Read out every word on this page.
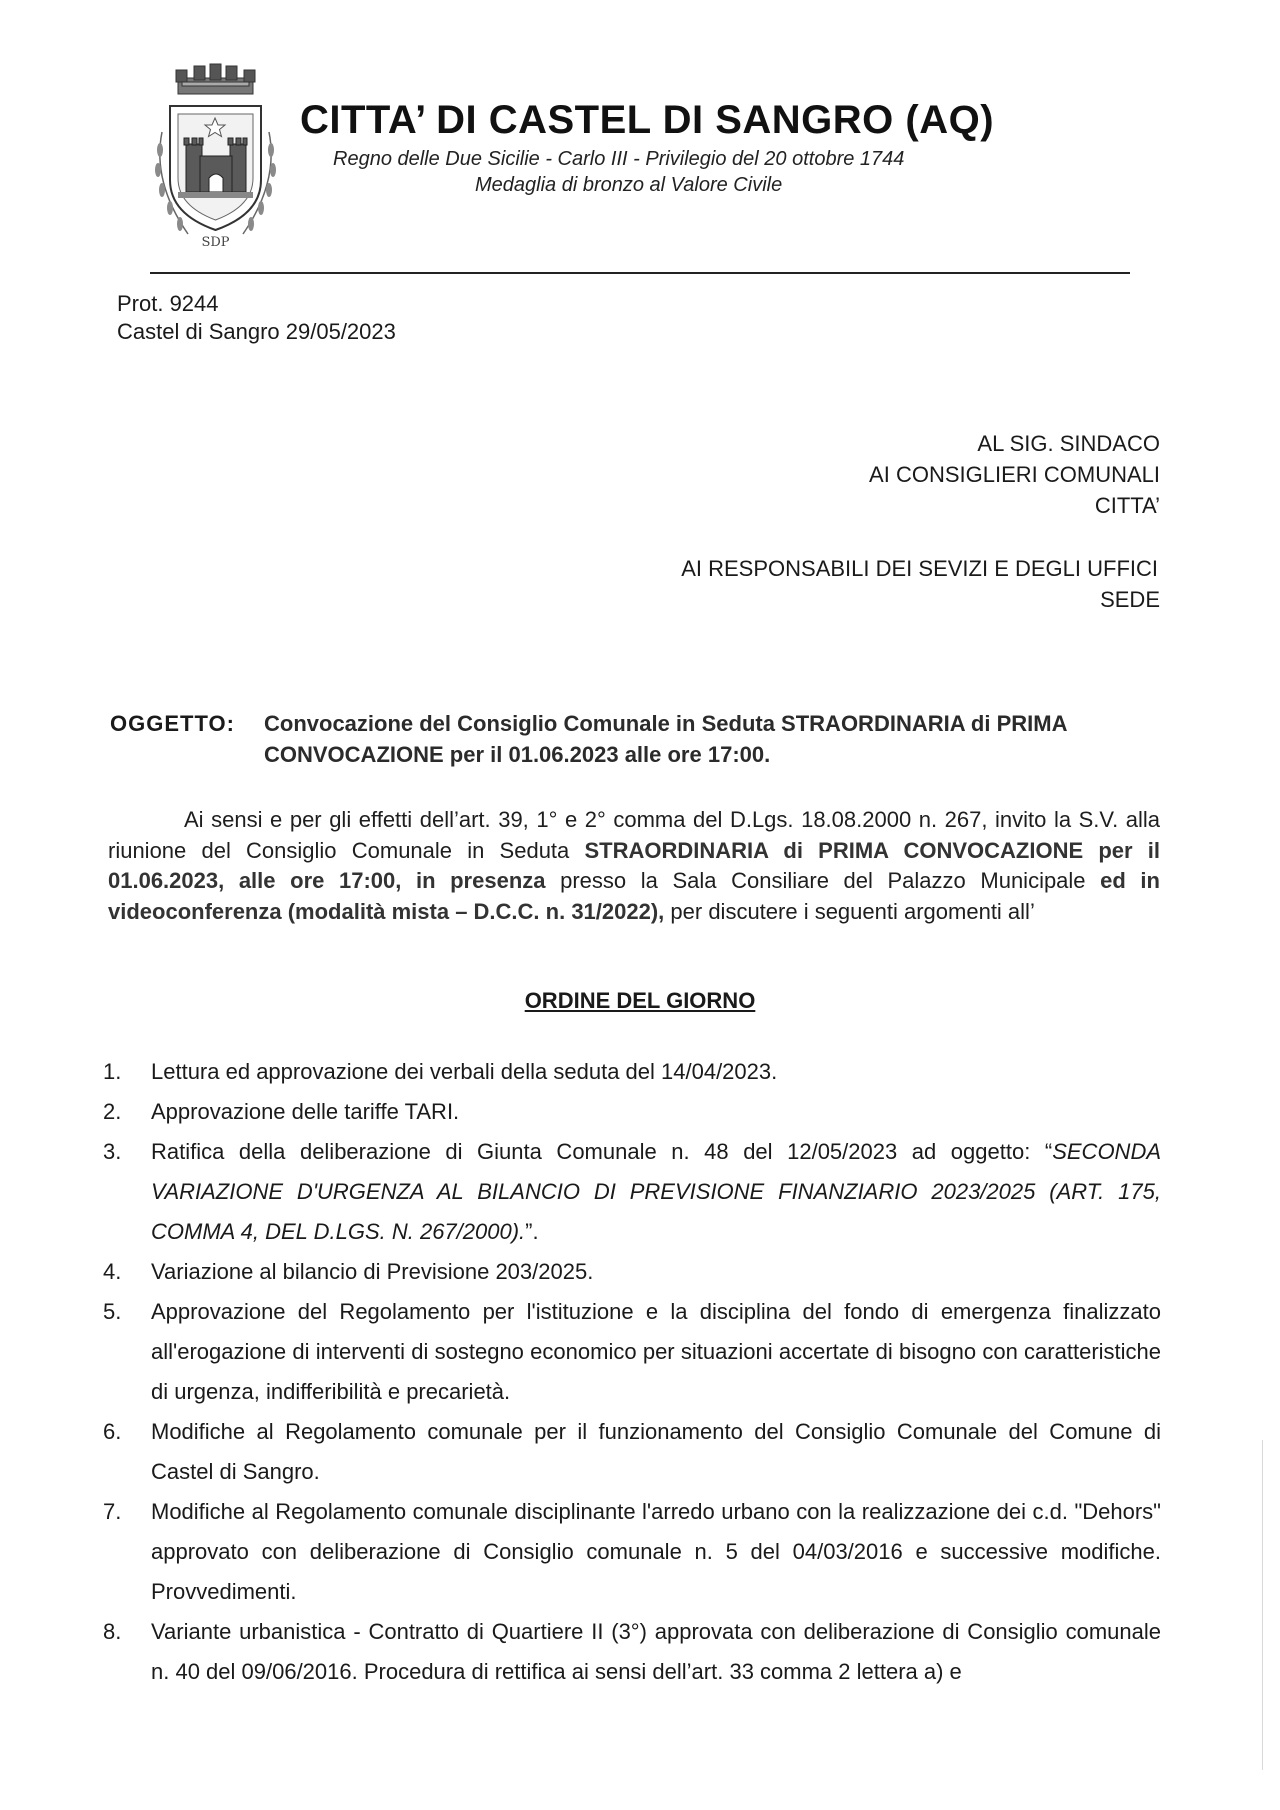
SDP
CITTA’ DI CASTEL DI SANGRO (AQ)
Regno delle Due Sicilie - Carlo III - Privilegio del 20 ottobre 1744
Medaglia di bronzo al Valore Civile
Prot. 9244
Castel di Sangro 29/05/2023
AL SIG. SINDACO
AI CONSIGLIERI COMUNALI
CITTA’
AI RESPONSABILI DEI SEVIZI E DEGLI UFFICI
SEDE
OGGETTO: Convocazione del Consiglio Comunale in Seduta STRAORDINARIA di PRIMA CONVOCAZIONE per il 01.06.2023 alle ore 17:00.
Ai sensi e per gli effetti dell’art. 39, 1° e 2° comma del D.Lgs. 18.08.2000 n. 267, invito la S.V. alla riunione del Consiglio Comunale in Seduta STRAORDINARIA di PRIMA CONVOCAZIONE per il 01.06.2023, alle ore 17:00, in presenza presso la Sala Consiliare del Palazzo Municipale ed in videoconferenza (modalità mista – D.C.C. n. 31/2022), per discutere i seguenti argomenti all’
ORDINE DEL GIORNO
1. Lettura ed approvazione dei verbali della seduta del 14/04/2023.
2. Approvazione delle tariffe TARI.
3. Ratifica della deliberazione di Giunta Comunale n. 48 del 12/05/2023 ad oggetto: “SECONDA VARIAZIONE D'URGENZA AL BILANCIO DI PREVISIONE FINANZIARIO 2023/2025 (ART. 175, COMMA 4, DEL D.LGS. N. 267/2000).”.
4. Variazione al bilancio di Previsione 203/2025.
5. Approvazione del Regolamento per l'istituzione e la disciplina del fondo di emergenza finalizzato all'erogazione di interventi di sostegno economico per situazioni accertate di bisogno con caratteristiche di urgenza, indifferibilità e precarietà.
6. Modifiche al Regolamento comunale per il funzionamento del Consiglio Comunale del Comune di Castel di Sangro.
7. Modifiche al Regolamento comunale disciplinante l'arredo urbano con la realizzazione dei c.d. "Dehors" approvato con deliberazione di Consiglio comunale n. 5 del 04/03/2016 e successive modifiche. Provvedimenti.
8. Variante urbanistica - Contratto di Quartiere II (3°) approvata con deliberazione di Consiglio comunale n. 40 del 09/06/2016. Procedura di rettifica ai sensi dell’art. 33 comma 2 lettera a) e
